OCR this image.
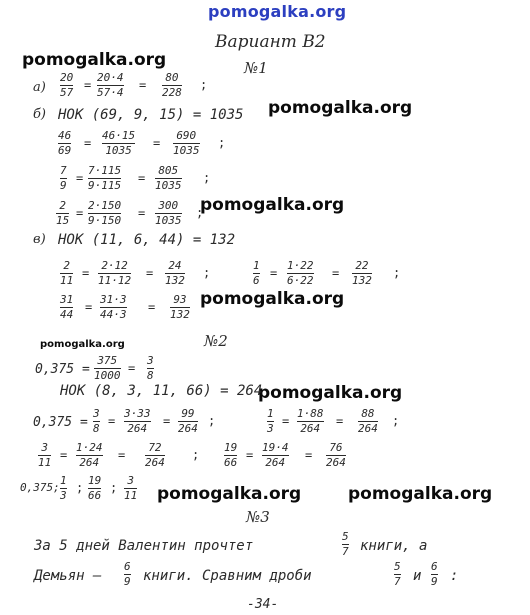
pomogalka.org
pomogalka.org
pomogalka.org
pomogalka.org
pomogalka.org
pomogalka.org
pomogalka.org
pomogalka.org	pomogalka.org
Вариант В2
№1
а)
20
57
=
20·4
57·4
=
80
228
;
б) НОК (69, 9, 15) = 1035
46
69
=
46·15
1035
=
690
1035
;
7
9
=
7·115
9·115
=
805
1035
;
2
15
=
2·150
9·150
=
300
1035
;
в) НОК (11, 6, 44) = 132
2
11
=
2·12
11·12
=
24
132
;
1
6
=
1·22
6·22
=
22
132
;
31
44
=
31·3
44·3
=
93
132
№2
0,375 =
375
1000
=
3
8
НОК (8, 3, 11, 66) = 264
0,375 =
3
8
=
3·33
264
=
99
264
;
1
3
=
1·88
264
=
88
264
;
3
11
=
1·24
264
=
72
264
;
19
66
=
19·4
264
=
76
264
0,375;
1
3
;
19
66
;
3
11
№3
За 5 дней Валентин прочтет
5
7 книги, а
Демьян —
6
9 книги. Сравним дроби
5
7 и
6
9 :
-34-
